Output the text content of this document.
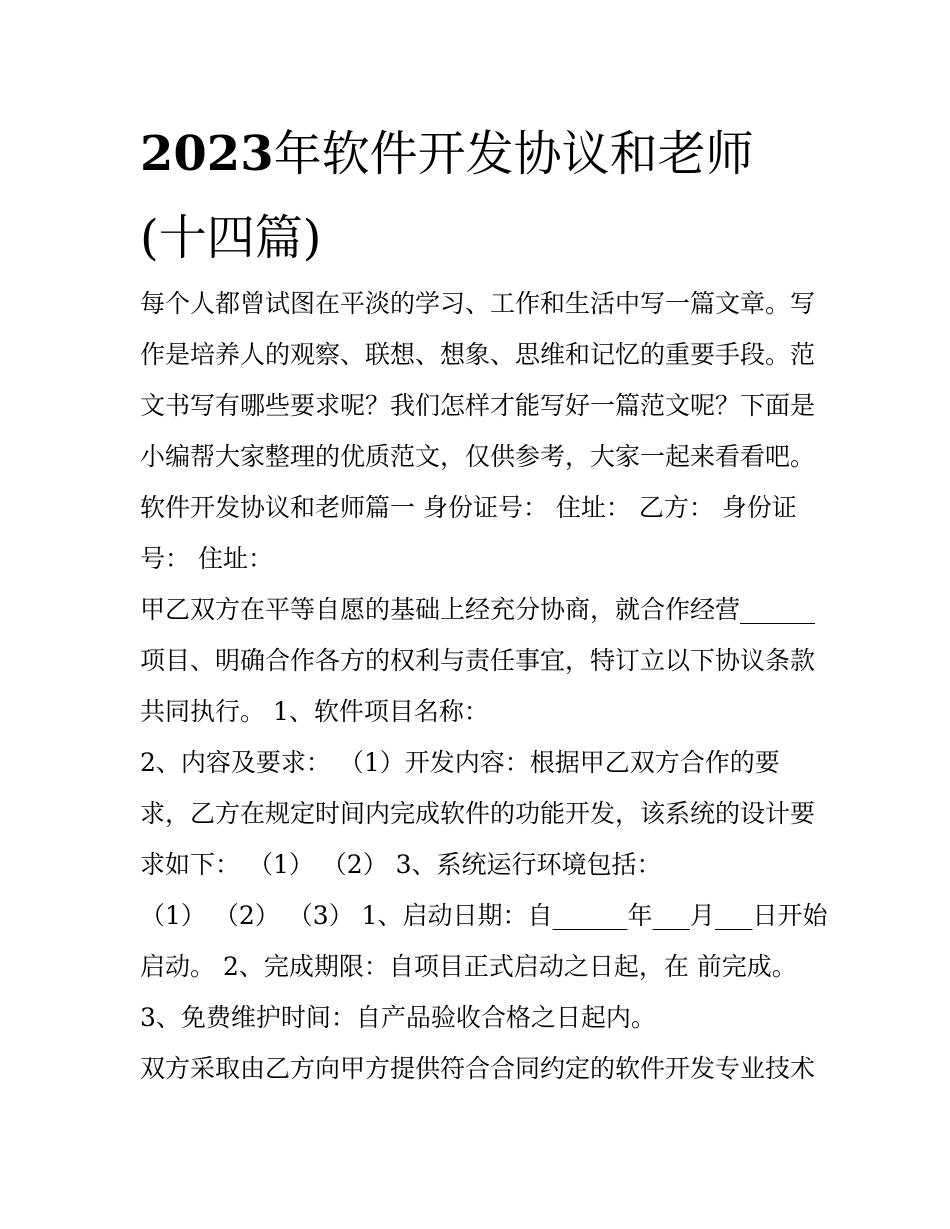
2023年软件开发协议和老师
(十四篇)
每个人都曾试图在平淡的学习、工作和生活中写一篇文章。写
作是培养人的观察、联想、想象、思维和记忆的重要手段。范
文书写有哪些要求呢？我们怎样才能写好一篇范文呢？下面是
小编帮大家整理的优质范文，仅供参考，大家一起来看看吧。
软件开发协议和老师篇一 身份证号： 住址： 乙方： 身份证
号： 住址：
甲乙双方在平等自愿的基础上经充分协商，就合作经营______
项目、明确合作各方的权利与责任事宜，特订立以下协议条款
共同执行。 1、软件项目名称：
2、内容及要求： （1）开发内容：根据甲乙双方合作的要
求，乙方在规定时间内完成软件的功能开发，该系统的设计要
求如下： （1） （2） 3、系统运行环境包括：
（1） （2） （3） 1、启动日期：自______年___月___日开始
启动。 2、完成期限：自项目正式启动之日起，在 前完成。
3、免费维护时间：自产品验收合格之日起内。
双方采取由乙方向甲方提供符合合同约定的软件开发专业技术
